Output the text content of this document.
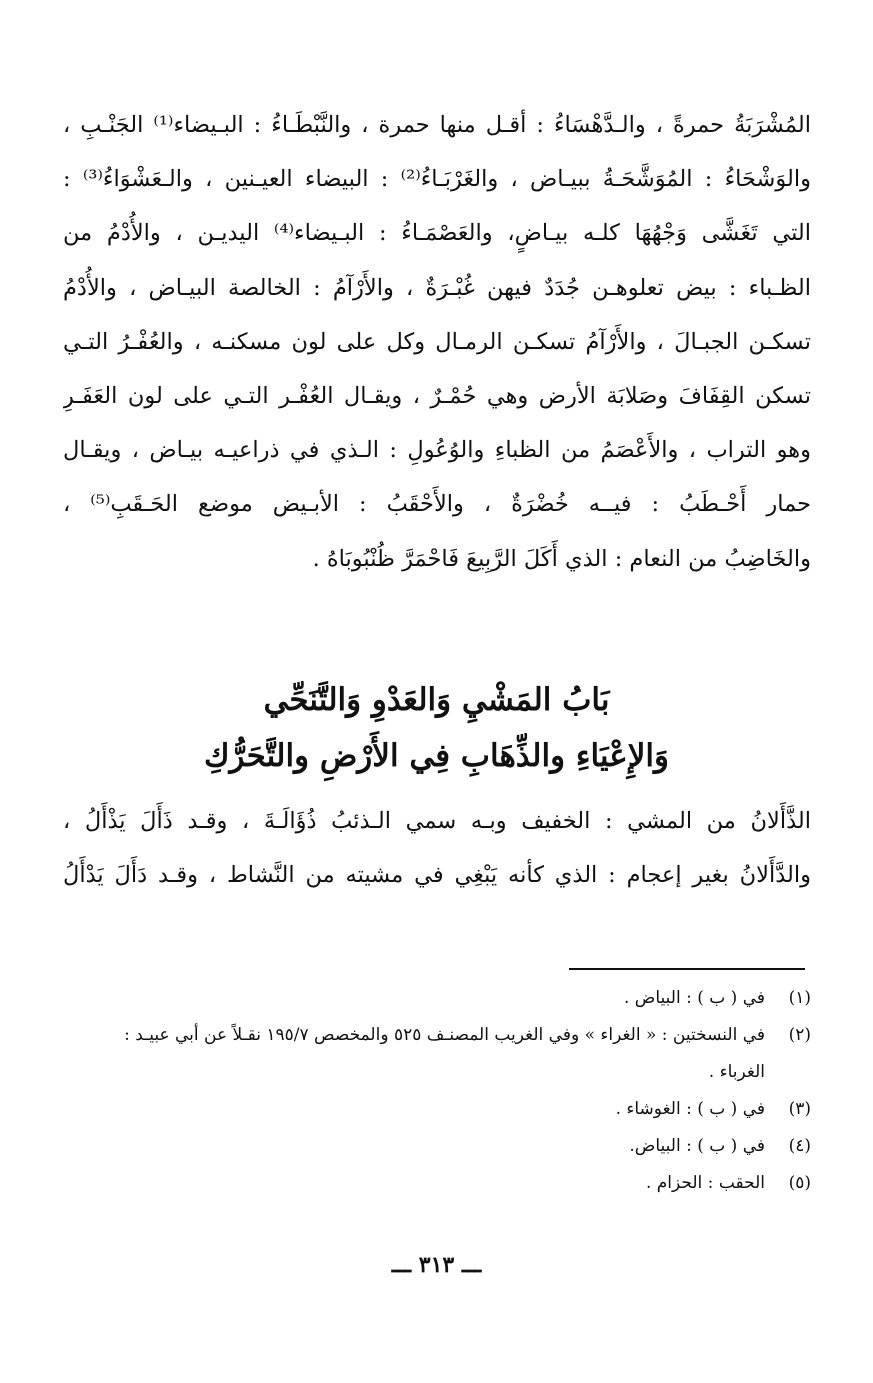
المُشْرَبَةُ حمرةً ، والـدَّهْسَاءُ : أقـل منها حمرة ، والنَّبْطَـاءُ : البـيضاء⁽¹⁾ الجَنْـبِ ،
والوَشْحَاءُ : المُوَشَّحَـةُ ببيـاض ، والغَرْبَـاءُ⁽²⁾ : البيضاء العيـنين ، والـعَشْوَاءُ⁽³⁾ :
التي تَغَشَّى وَجْهُهَا كلـه بيـاضٍ، والعَصْمَـاءُ : البـيضاء⁽⁴⁾ اليديـن ، والأُدْمُ من
الظـباء : بيض تعلوهـن جُدَدٌ فيهن غُبْـرَةٌ ، والأَرْآمُ : الخالصة البيـاض ، والأُدْمُ
تسكـن الجبـالَ ، والأَرْآمُ تسكـن الرمـال وكل على لون مسكنـه ، والعُفْـرُ التـي
تسكن القِفَافَ وصَلابَة الأرض وهي حُمْـرٌ ، ويقـال العُفْـر التـي على لون العَفَـرِ
وهو التراب ، والأَعْصَمُ من الظباءِ والوُعُولِ : الـذي في ذراعيـه بيـاض ، ويقـال
حمار أَحْـطَبُ : فيــه خُضْرَةٌ ، والأَحْقَبُ : الأبـيض موضع الحَـقَبِ⁽⁵⁾ ،
والخَاضِبُ من النعام : الذي أَكَلَ الرَّبِيعَ فَاحْمَرَّ ظُنْبُوبَاهُ .
بَابُ المَشْيِ وَالعَدْوِ وَالتَّنَحِّي
وَالإِعْيَاءِ والذِّهَابِ فِي الأَرْضِ والتَّحَرُّكِ
الذَّأَلانُ من المشي : الخفيف وبـه سمي الـذئبُ ذُؤَالَـةَ ، وقـد ذَأَلَ يَذْأَلُ ،
والدَّأَلانُ بغير إعجام : الذي كأنه يَبْغِي في مشيته من النَّشاط ، وقـد دَأَلَ يَدْأَلُ
(١)
في ( ب ) : البياض .
(٢)
في النسختين : « الغراء » وفي الغريب المصنـف ٥٢٥ والمخصص ١٩٥/٧ نقـلاً عن أبي عبيـد :
الغرباء .
(٣)
في ( ب ) : الغوشاء .
(٤)
في ( ب ) : البياض.
(٥)
الحقب : الحزام .
ـــ ٣١٣ ـــ
